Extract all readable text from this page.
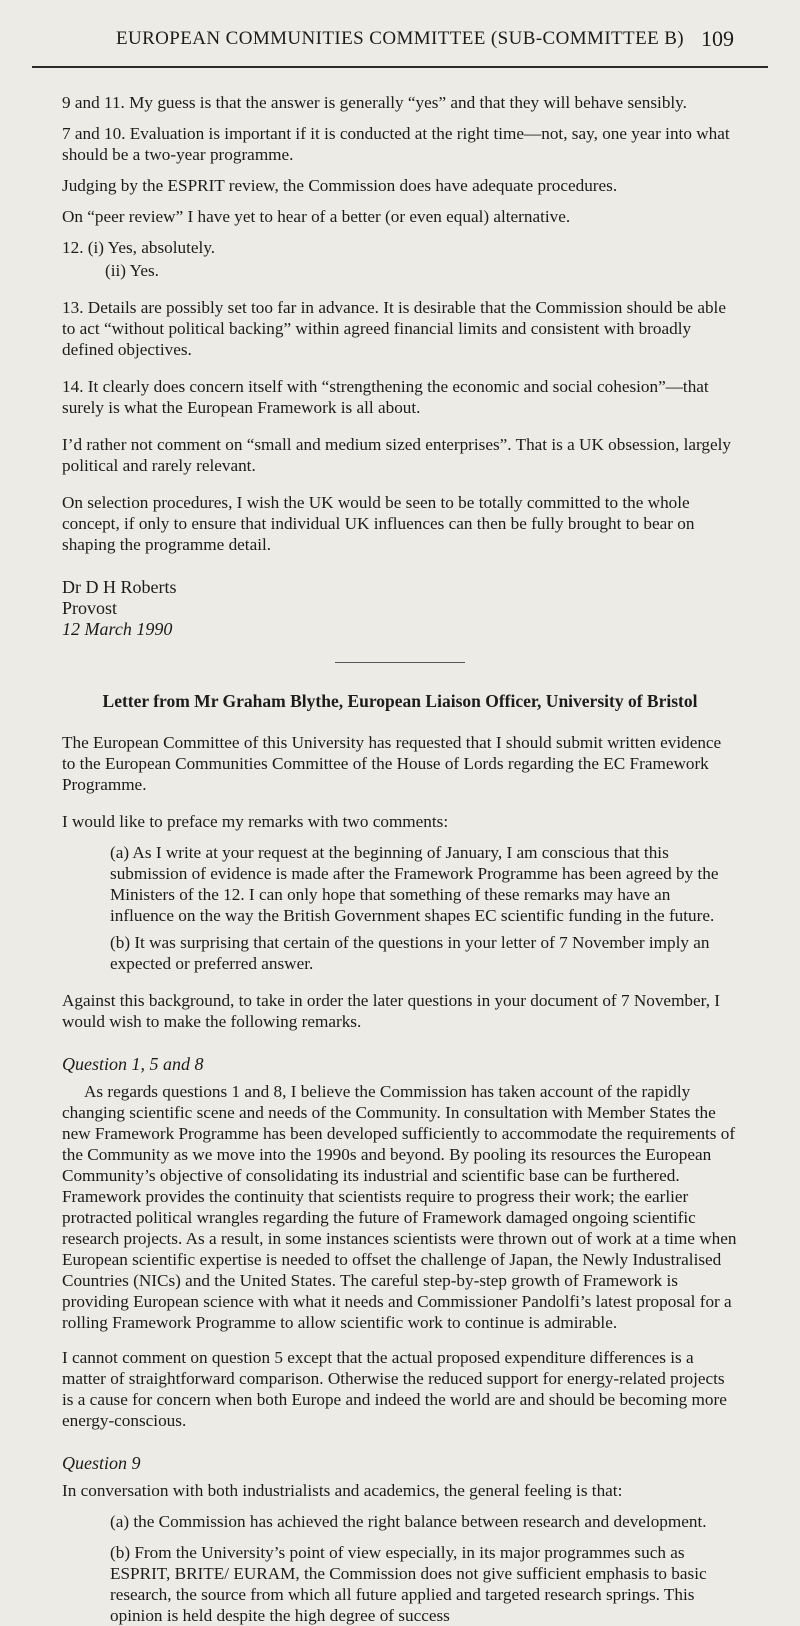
EUROPEAN COMMUNITIES COMMITTEE (SUB-COMMITTEE B) 109

9 and 11. My guess is that the answer is generally “yes” and that they will behave sensibly.

7 and 10. Evaluation is important if it is conducted at the right time—not, say, one year into what should be a two-year programme.

Judging by the ESPRIT review, the Commission does have adequate procedures.

On “peer review” I have yet to hear of a better (or even equal) alternative.

12. (i) Yes, absolutely.

(ii) Yes.

13. Details are possibly set too far in advance. It is desirable that the Commission should be able to act “without political backing” within agreed financial limits and consistent with broadly defined objectives.

14. It clearly does concern itself with “strengthening the economic and social cohesion”—that surely is what the European Framework is all about.

I’d rather not comment on “small and medium sized enterprises”. That is a UK obsession, largely political and rarely relevant.

On selection procedures, I wish the UK would be seen to be totally committed to the whole concept, if only to ensure that individual UK influences can then be fully brought to bear on shaping the programme detail.

Dr D H Roberts

Provost

12 March 1990

Letter from Mr Graham Blythe, European Liaison Officer, University of Bristol

The European Committee of this University has requested that I should submit written evidence to the European Communities Committee of the House of Lords regarding the EC Framework Programme.

I would like to preface my remarks with two comments:

(a) As I write at your request at the beginning of January, I am conscious that this submission of evidence is made after the Framework Programme has been agreed by the Ministers of the 12. I can only hope that something of these remarks may have an influence on the way the British Government shapes EC scientific funding in the future.

(b) It was surprising that certain of the questions in your letter of 7 November imply an expected or preferred answer.

Against this background, to take in order the later questions in your document of 7 November, I would wish to make the following remarks.

Question 1, 5 and 8

As regards questions 1 and 8, I believe the Commission has taken account of the rapidly changing scientific scene and needs of the Community. In consultation with Member States the new Framework Programme has been developed sufficiently to accommodate the requirements of the Community as we move into the 1990s and beyond. By pooling its resources the European Community’s objective of consolidating its industrial and scientific base can be furthered. Framework provides the continuity that scientists require to progress their work; the earlier protracted political wrangles regarding the future of Framework damaged ongoing scientific research projects. As a result, in some instances scientists were thrown out of work at a time when European scientific expertise is needed to offset the challenge of Japan, the Newly Industralised Countries (NICs) and the United States. The careful step-by-step growth of Framework is providing European science with what it needs and Commissioner Pandolfi’s latest proposal for a rolling Framework Programme to allow scientific work to continue is admirable.

I cannot comment on question 5 except that the actual proposed expenditure differences is a matter of straightforward comparison. Otherwise the reduced support for energy-related projects is a cause for concern when both Europe and indeed the world are and should be becoming more energy-conscious.

Question 9

In conversation with both industrialists and academics, the general feeling is that:

(a) the Commission has achieved the right balance between research and development.

(b) From the University’s point of view especially, in its major programmes such as ESPRIT, BRITE/ EURAM, the Commission does not give sufficient emphasis to basic research, the source from which all future applied and targeted research springs. This opinion is held despite the high degree of success
